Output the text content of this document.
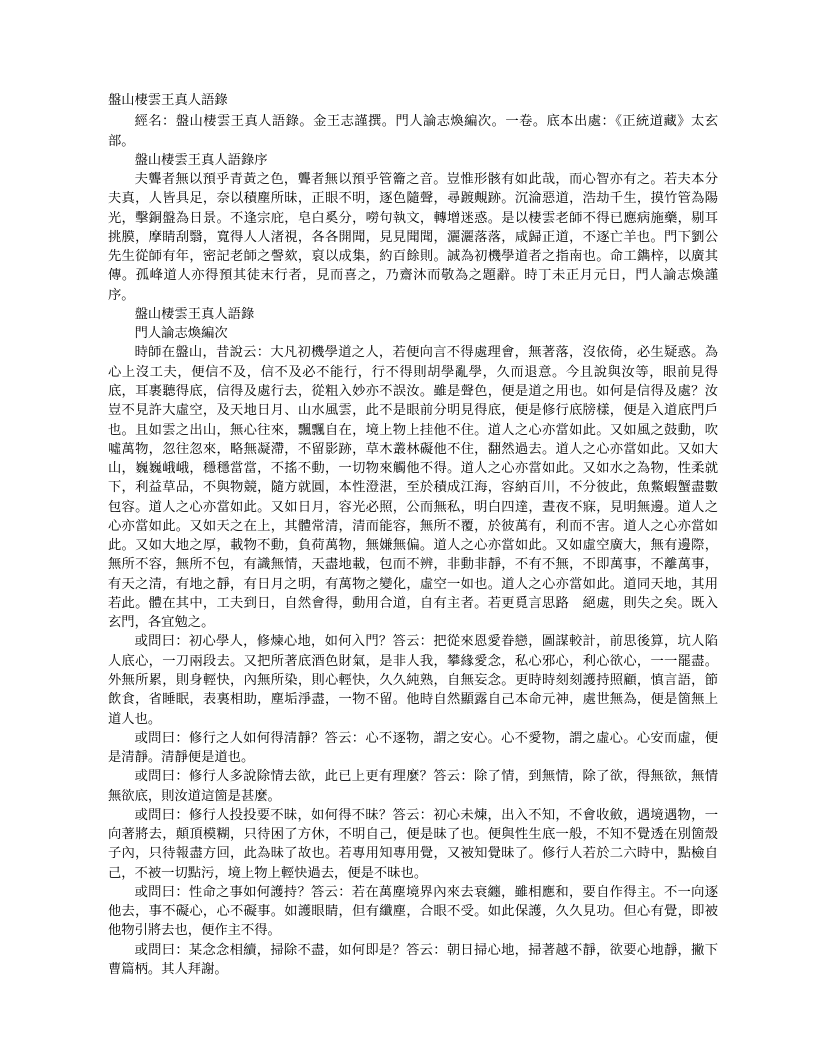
盤山棲雲王真人語錄

經名：盤山棲雲王真人語錄。金王志謹撰。門人論志煥編次。一卷。底本出處：《正統道藏》太玄部。

盤山棲雲王真人語錄序

夫聾者無以預乎青黃之色，聾者無以預乎管籥之音。豈惟形骸有如此哉，而心智亦有之。若夫本分夫真，人皆具足，奈以積塵所昧，正眼不明，逐色隨聲，尋踱覥跡。沉淪惡道，浩劫千生，摸竹管為陽光，擊銅盤為日景。不逢宗庇，皂白奚分，嘮句執文，轉增迷惑。是以棲雲老師不得已應病施藥，剔耳挑膜，摩睛刮翳，寬得人人渚視，各各開聞，見見聞聞，灑灑落落，咸歸正道，不逐亡羊也。門下劉公先生從師有年，密記老師之謦欬，裒以成集，約百餘則。誠為初機學道者之指南也。命工鐫梓，以廣其傳。孤峰道人亦得預其徒末行者，見而喜之，乃齋沐而敬為之題辭。時丁未正月元日，門人論志煥謹序。

盤山棲雲王真人語錄

門人論志煥編次

時師在盤山，昔說云：大凡初機學道之人，若便向言不得處理會，無著落，沒依倚，必生疑惑。為心上沒工夫，便信不及，信不及必不能行，行不得則胡學亂學，久而退意。今且說與汝等，眼前見得底，耳裹聽得底，信得及處行去，從粗入妙亦不誤汝。雖是聲色，便是道之用也。如何是信得及處？汝豈不見許大虛空，及天地日月、山水風雲，此不是眼前分明見得底，便是修行底牓樣，便是入道底門戶也。且如雲之出山，無心往來，飄飄自在，境上物上挂他不住。道人之心亦當如此。又如風之鼓動，吹噓萬物，忽往忽來，略無凝滯，不留影跡，草木叢林礙他不住，翻然過去。道人之心亦當如此。又如大山，巍巍峨峨，穩穩當當，不搖不動，一切物來觸他不得。道人之心亦當如此。又如水之為物，性柔就下，利益草品，不與物競，隨方就圓，本性澄湛，至於積成江海，容納百川，不分彼此，魚鱉蝦蟹盡數包容。道人之心亦當如此。又如日月，容光必照，公而無私，明白四達，晝夜不寐，見明無邊。道人之心亦當如此。又如天之在上，其體常清，清而能容，無所不覆，於彼萬有，利而不害。道人之心亦當如此。又如大地之厚，載物不動，負荷萬物，無嫌無偏。道人之心亦當如此。又如虛空廣大，無有邊際，無所不容，無所不包，有識無情，天盡地載，包而不辨，非動非靜，不有不無，不即萬事，不離萬事，有天之清，有地之靜，有日月之明，有萬物之變化，虛空一如也。道人之心亦當如此。道同天地，其用若此。體在其中，工夫到日，自然會得，動用合道，自有主者。若更覓言思路　絕處，則失之矣。既入玄門，各宜勉之。

或問曰：初心學人，修煉心地，如何入門？答云：把從來恩愛眷戀，圖謀較計，前思後算，坑人陷人底心，一刀兩段去。又把所著底酒色財氣，是非人我，攀緣愛念，私心邪心，利心欲心，一一罷盡。外無所累，則身輕快，內無所染，則心輕快，久久純熟，自無妄念。更時時刻刻護持照顧，慎言語，節飲食，省睡眠，表裏相助，塵垢淨盡，一物不留。他時自然顯露自己本命元神，處世無為，便是箇無上道人也。

或問曰：修行之人如何得清靜？答云：心不逐物，謂之安心。心不愛物，謂之虛心。心安而虛，便是清靜。清靜便是道也。

或問曰：修行人多說除情去欲，此已上更有理麼？答云：除了情，到無情，除了欲，得無欲，無情無欲底，則汝道這箇是甚麼。

或問曰：修行人投投要不昧，如何得不昧？答云：初心未煉，出入不知，不會收斂，遇境遇物，一向著將去，顛頂模糊，只待困了方休，不明自己，便是昧了也。便與性生底一般，不知不覺透在別箇殼子內，只待報盡方回，此為昧了故也。若專用知專用覺，又被知覺昧了。修行人若於二六時中，點檢自己，不被一切點污，境上物上輕快過去，便是不昧也。

或問曰：性命之事如何護持？答云：若在萬塵境界內來去衰纏，雖相應和，要自作得主。不一向逐他去，事不礙心，心不礙事。如護眼睛，但有纖塵，合眼不受。如此保護，久久見功。但心有覺，即被他物引將去也，便作主不得。

或問曰：某念念相續，掃除不盡，如何即是？答云：朝日掃心地，掃著越不靜，欲要心地靜，撇下曹篇柄。其人拜謝。
